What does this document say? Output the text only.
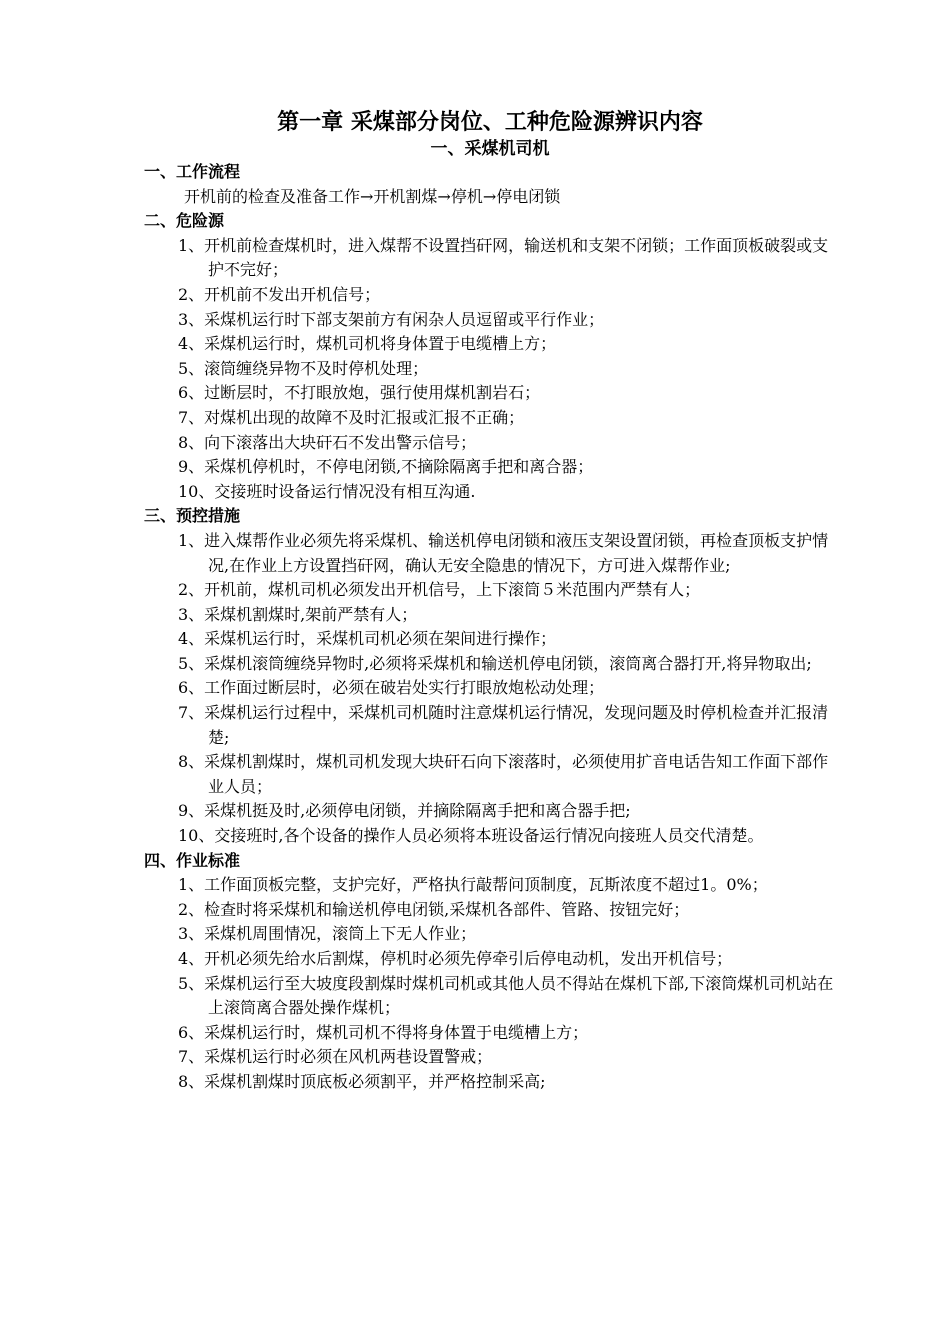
第一章 采煤部分岗位、工种危险源辨识内容
一、采煤机司机
一、工作流程
开机前的检查及准备工作→开机割煤→停机→停电闭锁
二、危险源
1、开机前检查煤机时，进入煤帮不设置挡矸网，输送机和支架不闭锁；工作面顶板破裂或支护不完好；
2、开机前不发出开机信号；
3、采煤机运行时下部支架前方有闲杂人员逗留或平行作业；
4、采煤机运行时，煤机司机将身体置于电缆槽上方；
5、滚筒缠绕异物不及时停机处理；
6、过断层时，不打眼放炮，强行使用煤机割岩石；
7、对煤机出现的故障不及时汇报或汇报不正确；
8、向下滚落出大块矸石不发出警示信号；
9、采煤机停机时，不停电闭锁,不摘除隔离手把和离合器；
10、交接班时设备运行情况没有相互沟通.
三、预控措施
1、进入煤帮作业必须先将采煤机、输送机停电闭锁和液压支架设置闭锁，再检查顶板支护情况,在作业上方设置挡矸网，确认无安全隐患的情况下，方可进入煤帮作业;
2、开机前，煤机司机必须发出开机信号，上下滚筒５米范围内严禁有人；
3、采煤机割煤时,架前严禁有人；
4、采煤机运行时，采煤机司机必须在架间进行操作；
5、采煤机滚筒缠绕异物时,必须将采煤机和输送机停电闭锁，滚筒离合器打开,将异物取出;
6、工作面过断层时，必须在破岩处实行打眼放炮松动处理；
7、采煤机运行过程中，采煤机司机随时注意煤机运行情况，发现问题及时停机检查并汇报清楚;
8、采煤机割煤时，煤机司机发现大块矸石向下滚落时，必须使用扩音电话告知工作面下部作业人员；
9、采煤机挺及时,必须停电闭锁，并摘除隔离手把和离合器手把;
10、交接班时,各个设备的操作人员必须将本班设备运行情况向接班人员交代清楚。
四、作业标准
1、工作面顶板完整，支护完好，严格执行敲帮问顶制度，瓦斯浓度不超过1。0%；
2、检查时将采煤机和输送机停电闭锁,采煤机各部件、管路、按钮完好；
3、采煤机周围情况，滚筒上下无人作业；
4、开机必须先给水后割煤，停机时必须先停牵引后停电动机，发出开机信号；
5、采煤机运行至大坡度段割煤时煤机司机或其他人员不得站在煤机下部,下滚筒煤机司机站在上滚筒离合器处操作煤机；
6、采煤机运行时，煤机司机不得将身体置于电缆槽上方；
7、采煤机运行时必须在风机两巷设置警戒；
8、采煤机割煤时顶底板必须割平，并严格控制采高;
